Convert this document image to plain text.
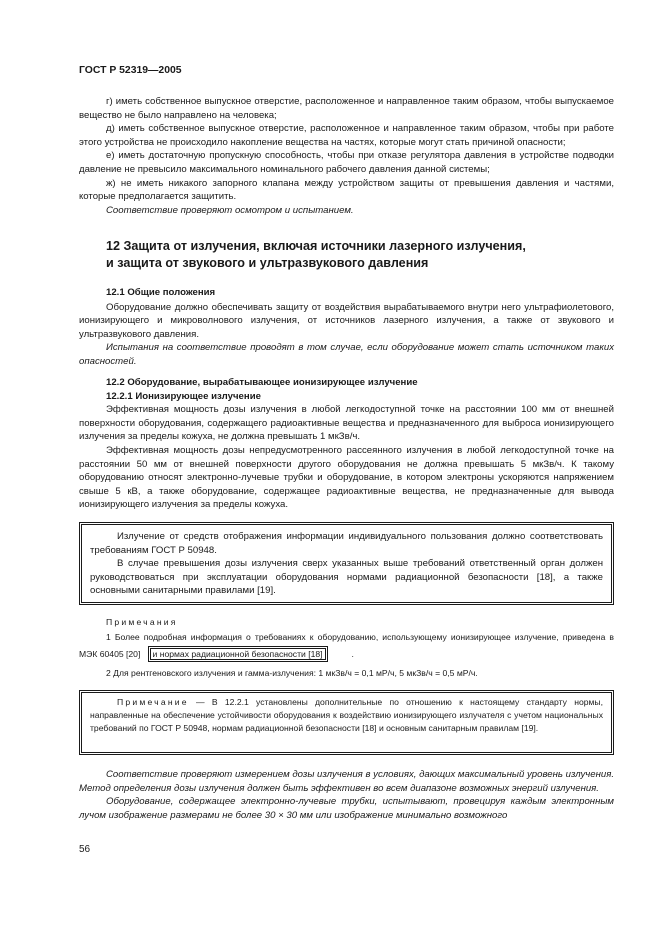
ГОСТ Р 52319—2005

г) иметь собственное выпускное отверстие, расположенное и направленное таким образом, чтобы выпускаемое вещество не было направлено на человека;

д) иметь собственное выпускное отверстие, расположенное и направленное таким образом, чтобы при работе этого устройства не происходило накопление вещества на частях, которые могут стать причиной опасности;

е) иметь достаточную пропускную способность, чтобы при отказе регулятора давления в устройстве подводки давление не превысило максимального номинального рабочего давления данной системы;

ж) не иметь никакого запорного клапана между устройством защиты от превышения давления и частями, которые предполагается защитить.

Соответствие проверяют осмотром и испытанием.

12 Защита от излучения, включая источники лазерного излучения,

и защита от звукового и ультразвукового давления

12.1 Общие положения

Оборудование должно обеспечивать защиту от воздействия вырабатываемого внутри него ультрафиолетового, ионизирующего и микроволнового излучения, от источников лазерного излучения, а также от звукового и ультразвукового давления.

Испытания на соответствие проводят в том случае, если оборудование может стать источником таких опасностей.

12.2 Оборудование, вырабатывающее ионизирующее излучение

12.2.1 Ионизирующее излучение

Эффективная мощность дозы излучения в любой легкодоступной точке на расстоянии 100 мм от внешней поверхности оборудования, содержащего радиоактивные вещества и предназначенного для выброса ионизирующего излучения за пределы кожуха, не должна превышать 1 мкЗв/ч.

Эффективная мощность дозы непредусмотренного рассеянного излучения в любой легкодоступной точке на расстоянии 50 мм от внешней поверхности другого оборудования не должна превышать 5 мкЗв/ч. К такому оборудованию относят электронно-лучевые трубки и оборудование, в котором электроны ускоряются напряжением свыше 5 кВ, а также оборудование, содержащее радиоактивные вещества, не предназначенные для вывода ионизирующего излучения за пределы кожуха.

Излучение от средств отображения информации индивидуального пользования должно соответствовать требованиям ГОСТ Р 50948.

В случае превышения дозы излучения сверх указанных выше требований ответственный орган должен руководствоваться при эксплуатации оборудования нормами радиационной безопасности [18], а также основными санитарными правилами [19].

Примечания

1 Более подробная информация о требованиях к оборудованию, использующему ионизирующее излучение, приведена в МЭК 60405 [20] и нормах радиационной безопасности [18]	.

2 Для рентгеновского излучения и гамма-излучения: 1 мкЗв/ч = 0,1 мР/ч, 5 мкЗв/ч = 0,5 мР/ч.

Примечание — В 12.2.1 установлены дополнительные по отношению к настоящему стандарту нормы, направленные на обеспечение устойчивости оборудования к воздействию ионизирующего излучателя с учетом национальных требований по ГОСТ Р 50948, нормам радиационной безопасности [18] и основным санитарным правилам [19].

Соответствие проверяют измерением дозы излучения в условиях, дающих максимальный уровень излучения. Метод определения дозы излучения должен быть эффективен во всем диапазоне возможных энергий излучения.

Оборудование, содержащее электронно-лучевые трубки, испытывают, провецируя каждым электронным лучом изображение размерами не более 30 × 30 мм или изображение минимально возможного

56
